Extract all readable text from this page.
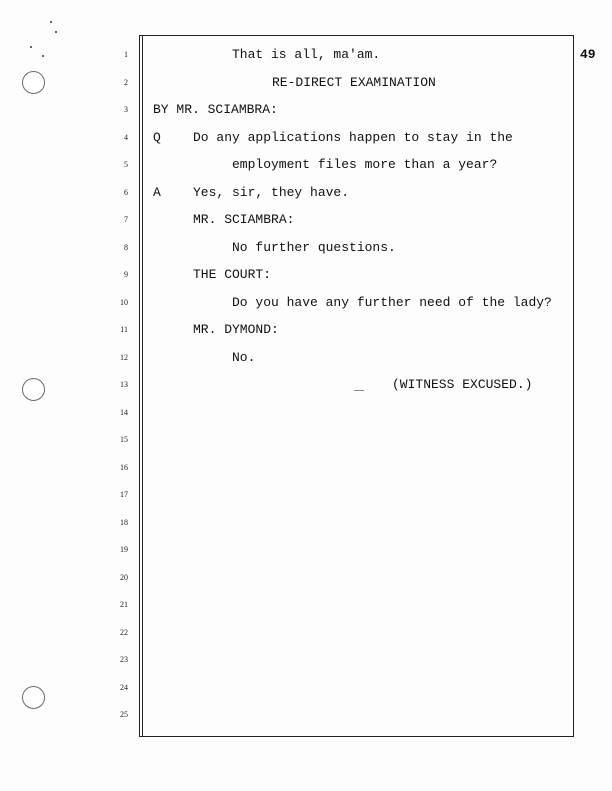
49
1	That is all, ma'am.
2	RE-DIRECT EXAMINATION
3 BY MR. SCIAMBRA:
4 Q Do any applications happen to stay in the
5	employment files more than a year?
6 A Yes, sir, they have.
7	MR. SCIAMBRA:
8	No further questions.
9	THE COURT:
10	Do you have any further need of the lady?
11	MR. DYMOND:
12	No.
13	(WITNESS EXCUSED.)
14
15
16
17
18
19
20
21
22
23
24
25
